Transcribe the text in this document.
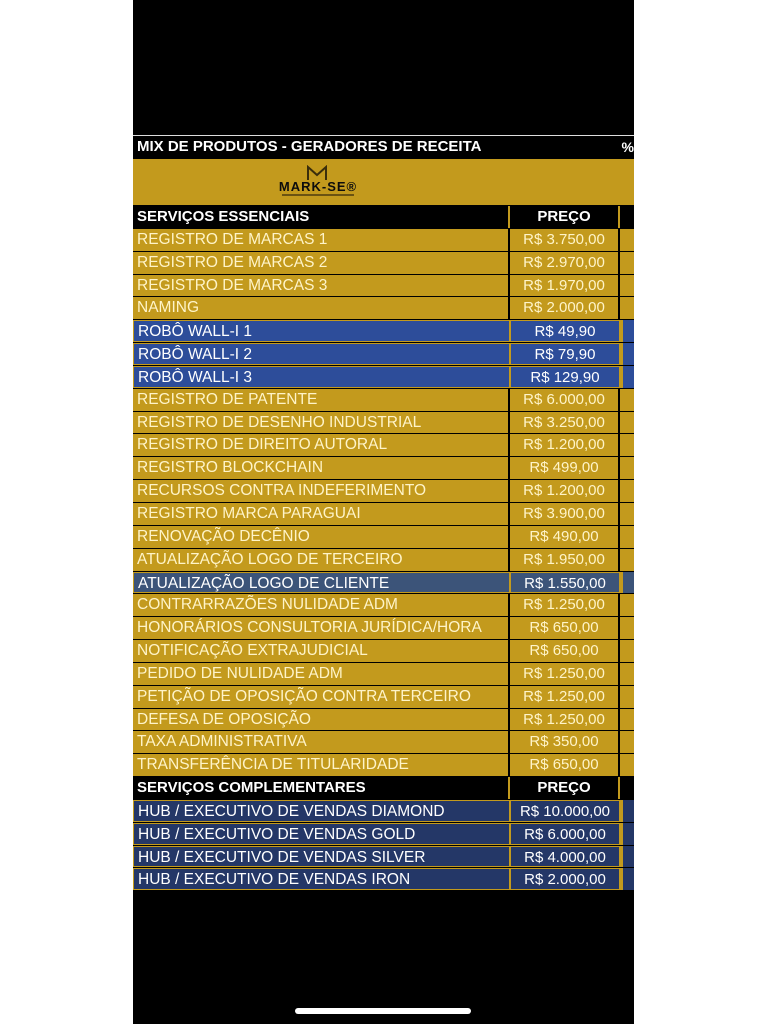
MIX DE PRODUTOS - GERADORES DE RECEITA	%
MARK-SE®
SERVIÇOS ESSENCIAIS	PREÇO
REGISTRO DE MARCAS 1	R$ 3.750,00
REGISTRO DE MARCAS 2	R$ 2.970,00
REGISTRO DE MARCAS 3	R$ 1.970,00
NAMING	R$ 2.000,00
ROBÔ WALL-I 1	R$ 49,90
ROBÔ WALL-I 2	R$ 79,90
ROBÔ WALL-I 3	R$ 129,90
REGISTRO DE PATENTE	R$ 6.000,00
REGISTRO DE DESENHO INDUSTRIAL	R$ 3.250,00
REGISTRO DE DIREITO AUTORAL	R$ 1.200,00
REGISTRO BLOCKCHAIN	R$ 499,00
RECURSOS CONTRA INDEFERIMENTO	R$ 1.200,00
REGISTRO MARCA PARAGUAI	R$ 3.900,00
RENOVAÇÃO DECÊNIO	R$ 490,00
ATUALIZAÇÃO LOGO DE TERCEIRO	R$ 1.950,00
ATUALIZAÇÃO LOGO DE CLIENTE	R$ 1.550,00
CONTRARRAZÕES NULIDADE ADM	R$ 1.250,00
HONORÁRIOS CONSULTORIA JURÍDICA/HORA	R$ 650,00
NOTIFICAÇÃO EXTRAJUDICIAL	R$ 650,00
PEDIDO DE NULIDADE ADM	R$ 1.250,00
PETIÇÃO DE OPOSIÇÃO CONTRA TERCEIRO	R$ 1.250,00
DEFESA DE OPOSIÇÃO	R$ 1.250,00
TAXA ADMINISTRATIVA	R$ 350,00
TRANSFERÊNCIA DE TITULARIDADE	R$ 650,00
SERVIÇOS COMPLEMENTARES	PREÇO
HUB / EXECUTIVO DE VENDAS DIAMOND	R$ 10.000,00
HUB / EXECUTIVO DE VENDAS GOLD	R$ 6.000,00
HUB / EXECUTIVO DE VENDAS SILVER	R$ 4.000,00
HUB / EXECUTIVO DE VENDAS IRON	R$ 2.000,00
